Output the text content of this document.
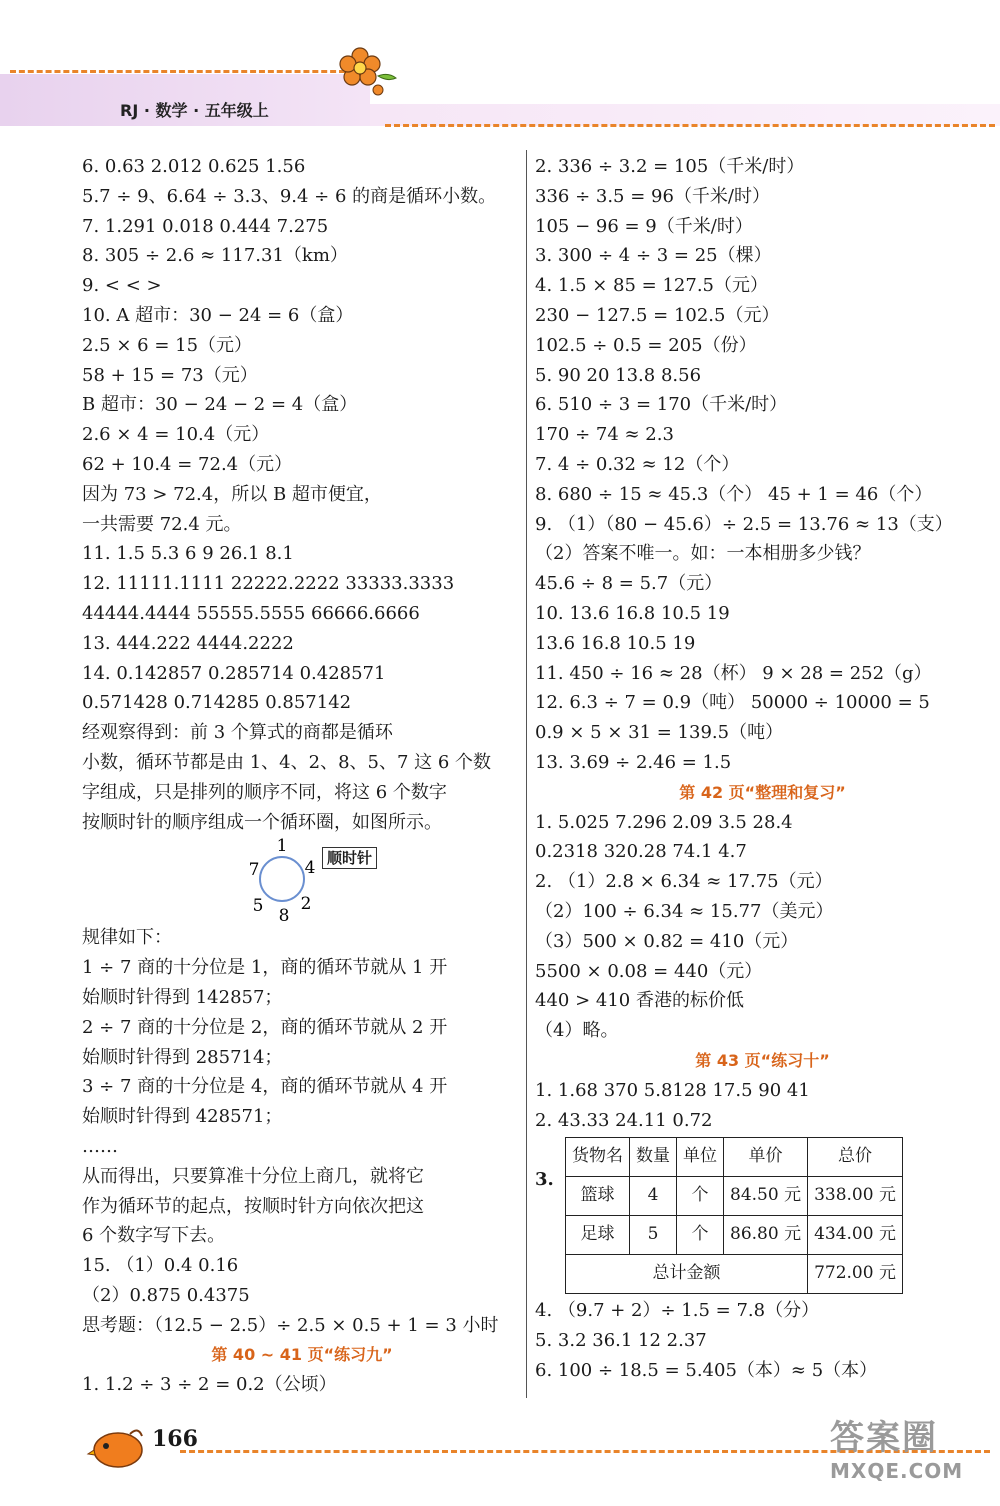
RJ · 数学 · 五年级上
6. 0.63 2.012 0.625 1.56
5.7 ÷ 9、6.64 ÷ 3.3、9.4 ÷ 6 的商是循环小数。
7. 1.291 0.018 0.444 7.275
8. 305 ÷ 2.6 ≈ 117.31（km）
9. < < >
10. A 超市：30 − 24 = 6（盒）
2.5 × 6 = 15（元）
58 + 15 = 73（元）
B 超市：30 − 24 − 2 = 4（盒）
2.6 × 4 = 10.4（元）
62 + 10.4 = 72.4（元）
因为 73 > 72.4，所以 B 超市便宜，
一共需要 72.4 元。
11. 1.5 5.3 6 9 26.1 8.1
12. 11111.1111 22222.2222 33333.3333
44444.4444 55555.5555 66666.6666
13. 444.222 4444.2222
14. 0.142857 0.285714 0.428571
0.571428 0.714285 0.857142
经观察得到：前 3 个算式的商都是循环
小数，循环节都是由 1、4、2、8、5、7 这 6 个数
字组成，只是排列的顺序不同，将这 6 个数字
按顺时针的顺序组成一个循环圈，如图所示。
1
4
2
8
5
7
顺时针
规律如下：
1 ÷ 7 商的十分位是 1，商的循环节就从 1 开
始顺时针得到 142857；
2 ÷ 7 商的十分位是 2，商的循环节就从 2 开
始顺时针得到 285714；
3 ÷ 7 商的十分位是 4，商的循环节就从 4 开
始顺时针得到 428571；
……
从而得出，只要算准十分位上商几，就将它
作为循环节的起点，按顺时针方向依次把这
6 个数字写下去。
15. （1）0.4 0.16
（2）0.875 0.4375
思考题：（12.5 − 2.5）÷ 2.5 × 0.5 + 1 = 3 小时
第 40 ~ 41 页“练习九”
1. 1.2 ÷ 3 ÷ 2 = 0.2（公顷）
2. 336 ÷ 3.2 = 105（千米/时）
336 ÷ 3.5 = 96（千米/时）
105 − 96 = 9（千米/时）
3. 300 ÷ 4 ÷ 3 = 25（棵）
4. 1.5 × 85 = 127.5（元）
230 − 127.5 = 102.5（元）
102.5 ÷ 0.5 = 205（份）
5. 90 20 13.8 8.56
6. 510 ÷ 3 = 170（千米/时）
170 ÷ 74 ≈ 2.3
7. 4 ÷ 0.32 ≈ 12（个）
8. 680 ÷ 15 ≈ 45.3（个） 45 + 1 = 46（个）
9. （1）（80 − 45.6）÷ 2.5 = 13.76 ≈ 13（支）
（2）答案不唯一。如：一本相册多少钱？
45.6 ÷ 8 = 5.7（元）
10. 13.6 16.8 10.5 19
13.6 16.8 10.5 19
11. 450 ÷ 16 ≈ 28（杯） 9 × 28 = 252（g）
12. 6.3 ÷ 7 = 0.9（吨） 50000 ÷ 10000 = 5
0.9 × 5 × 31 = 139.5（吨）
13. 3.69 ÷ 2.46 = 1.5
第 42 页“整理和复习”
1. 5.025 7.296 2.09 3.5 28.4
0.2318 320.28 74.1 4.7
2. （1）2.8 × 6.34 ≈ 17.75（元）
（2）100 ÷ 6.34 ≈ 15.77（美元）
（3）500 × 0.82 = 410（元）
5500 × 0.08 = 440（元）
440 > 410 香港的标价低
（4）略。
第 43 页“练习十”
1. 1.68 370 5.8128 17.5 90 41
2. 43.33 24.11 0.72
3.
货物名	数量	单位	单价	总价
篮球	4	个	84.50 元	338.00 元
足球	5	个	86.80 元	434.00 元
总计金额				772.00 元
4. （9.7 + 2）÷ 1.5 = 7.8（分）
5. 3.2 36.1 12 2.37
6. 100 ÷ 18.5 = 5.405（本）≈ 5（本）
166	答案圈
MXQE.COM
